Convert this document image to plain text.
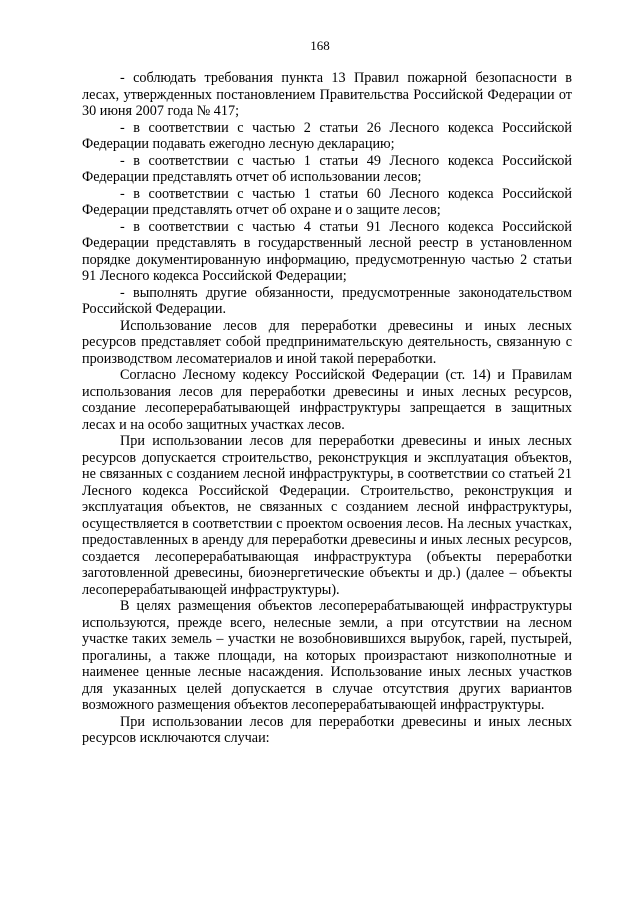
168

- соблюдать требования пункта 13 Правил пожарной безопасности в лесах, утвержденных постановлением Правительства Российской Федерации от 30 июня 2007 года № 417;

- в соответствии с частью 2 статьи 26 Лесного кодекса Российской Федерации подавать ежегодно лесную декларацию;

- в соответствии с частью 1 статьи 49 Лесного кодекса Российской Федерации представлять отчет об использовании лесов;

- в соответствии с частью 1 статьи 60 Лесного кодекса Российской Федерации представлять отчет об охране и о защите лесов;

- в соответствии с частью 4 статьи 91 Лесного кодекса Российской Федерации представлять в государственный лесной реестр в установленном порядке документированную информацию, предусмотренную частью 2 статьи 91 Лесного кодекса Российской Федерации;

- выполнять другие обязанности, предусмотренные законодательством Российской Федерации.

Использование лесов для переработки древесины и иных лесных ресурсов представляет собой предпринимательскую деятельность, связанную с производством лесоматериалов и иной такой переработки.

Согласно Лесному кодексу Российской Федерации (ст. 14) и Правилам использования лесов для переработки древесины и иных лесных ресурсов, создание лесоперерабатывающей инфраструктуры запрещается в защитных лесах и на особо защитных участках лесов.

При использовании лесов для переработки древесины и иных лесных ресурсов допускается строительство, реконструкция и эксплуатация объектов, не связанных с созданием лесной инфраструктуры, в соответствии со статьей 21 Лесного кодекса Российской Федерации. Строительство, реконструкция и эксплуатация объектов, не связанных с созданием лесной инфраструктуры, осуществляется в соответствии с проектом освоения лесов. На лесных участках, предоставленных в аренду для переработки древесины и иных лесных ресурсов, создается лесоперерабатывающая инфраструктура (объекты переработки заготовленной древесины, биоэнергетические объекты и др.) (далее – объекты лесоперерабатывающей инфраструктуры).

В целях размещения объектов лесоперерабатывающей инфраструктуры используются, прежде всего, нелесные земли, а при отсутствии на лесном участке таких земель – участки не возобновившихся вырубок, гарей, пустырей, прогалины, а также площади, на которых произрастают низкополнотные и наименее ценные лесные насаждения. Использование иных лесных участков для указанных целей допускается в случае отсутствия других вариантов возможного размещения объектов лесоперерабатывающей инфраструктуры.

При использовании лесов для переработки древесины и иных лесных ресурсов исключаются случаи:
